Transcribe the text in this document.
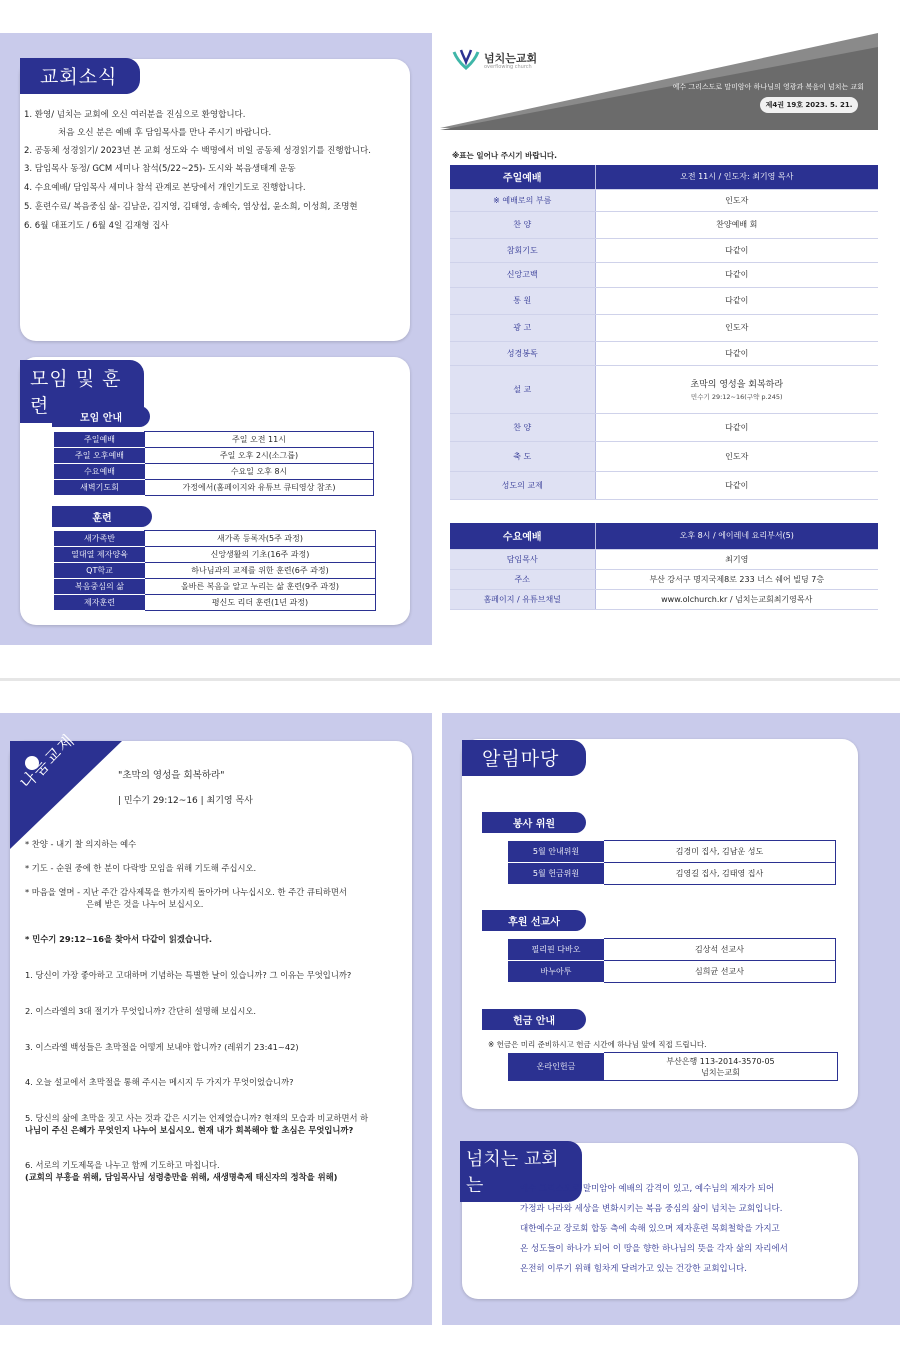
교회소식
1. 환영/ 넘치는 교회에 오신 여러분을 진심으로 환영합니다.
처음 오신 분은 예배 후 담임목사를 만나 주시기 바랍니다.
2. 공동체 성경읽기/ 2023년 본 교회 성도와 수 백명에서 비일 공동체 성경읽기를 진행합니다.
3. 담임목사 동정/ GCM 세미나 참석(5/22~25)- 도시와 복음생태계 운동
4. 수요예배/ 담임목사 세미나 참석 관계로 본당에서 개인기도로 진행합니다.
5. 훈련수료/ 복음중심 삶- 김남운, 김지영, 김태영, 송혜숙, 염상섭, 윤소희, 이성희, 조명현
6. 6월 대표기도 / 6월 4일 김재형 집사
모임 및 훈련
모임 안내
주일예배	주일 오전 11시
주일 오후예배	주일 오후 2시(소그룹)
수요예배	수요일 오후 8시
새벽기도회	가정에서(홈페이지와 유튜브 큐티영상 참조)
훈련
새가족반	새가족 등록자(5주 과정)
열대열 제자양육	신앙생활의 기초(16주 과정)
QT학교	하나님과의 교제를 위한 훈련(6주 과정)
복음중심의 삶	올바른 복음을 알고 누리는 삶 훈련(9주 과정)
제자훈련	평신도 리더 훈련(1년 과정)
넘치는교회
overflowing church
예수 그리스도로 말미암아 하나님의 영광과 복음이 넘치는 교회
제4권 19호 2023. 5. 21.
※표는 일어나 주시기 바랍니다.
주일예배	오전 11시 / 인도자: 최기영 목사
※ 예배로의 부름	인도자
찬 양	찬양예배 회
참회기도	다같이
신앙고백	다같이
통 원	다같이
광 고	인도자
성경봉독	다같이
설 교	초막의 영성을 회복하라
민수기 29:12~16(구약 p.245)

찬 양	다같이
축 도	인도자
성도의 교제	다같이
수요예배	오후 8시 / 에이레네 요리부서(5)
담임목사	최기영
주소	부산 강서구 명지국제8로 233 너스 쉐어 빌딩 7층
홈페이지 / 유튜브채널	www.olchurch.kr / 넘치는교회최기영목사
나눔교제	"초막의 영성을 회복하라"
| 민수기 29:12~16 | 최기영 목사
* 찬양 - 내기 찰 의지하는 예수
* 기도 - 순원 중에 한 분이 다락방 모임을 위해 기도해 주십시오.
* 마음을 열며 - 지난 주간 감사제목을 한가지씩 돌아가며 나누십시오. 한 주간 큐티하면서
은혜 받은 것을 나누어 보십시오.
* 민수기 29:12~16을 찾아서 다같이 읽겠습니다.
1. 당신이 가장 좋아하고 고대하며 기념하는 특별한 날이 있습니까? 그 이유는 무엇입니까?
2. 이스라엘의 3대 절기가 무엇입니까? 간단히 설명해 보십시오.
3. 이스라엘 백성들은 초막절을 어떻게 보내야 합니까? (레위기 23:41~42)
4. 오늘 설교에서 초막절을 통해 주시는 메시지 두 가지가 무엇이었습니까?
5. 당신의 삶에 초막을 짓고 사는 것과 같은 시기는 언제였습니까? 현재의 모습과 비교하면서 하
나님이 주신 은혜가 무엇인지 나누어 보십시오. 현재 내가 회복해야 할 초심은 무엇입니까?
6. 서로의 기도제목을 나누고 함께 기도하고 마칩니다.
(교회의 부흥을 위해, 담임목사님 성령충만을 위해, 새생명축제 태신자의 정착을 위해)
알림마당
봉사 위원
5월 안내위원	김경미 집사, 김남운 성도
5월 헌금위원	김영길 집사, 김태영 집사
후원 선교사
필리핀 다바오	김상석 선교사
바누아투	심희균 선교사
헌금 안내
※ 헌금은 미리 준비하시고 헌금 시간에 하나님 앞에 직접 드립니다.
온라인헌금	
부산은행 113-2014-3570-05
넘치는교회
넘치는 교회는	예수 그리스도로 말미암아 예배의 감격이 있고, 예수님의 제자가 되어
가정과 나라와 세상을 변화시키는 복음 중심의 삶이 넘치는 교회입니다.
대한예수교 장로회 합동 측에 속해 있으며 제자훈련 목회철학을 가지고
온 성도들이 하나가 되어 이 땅을 향한 하나님의 뜻을 각자 삶의 자리에서
온전히 이루기 위해 힘차게 달려가고 있는 건강한 교회입니다.
